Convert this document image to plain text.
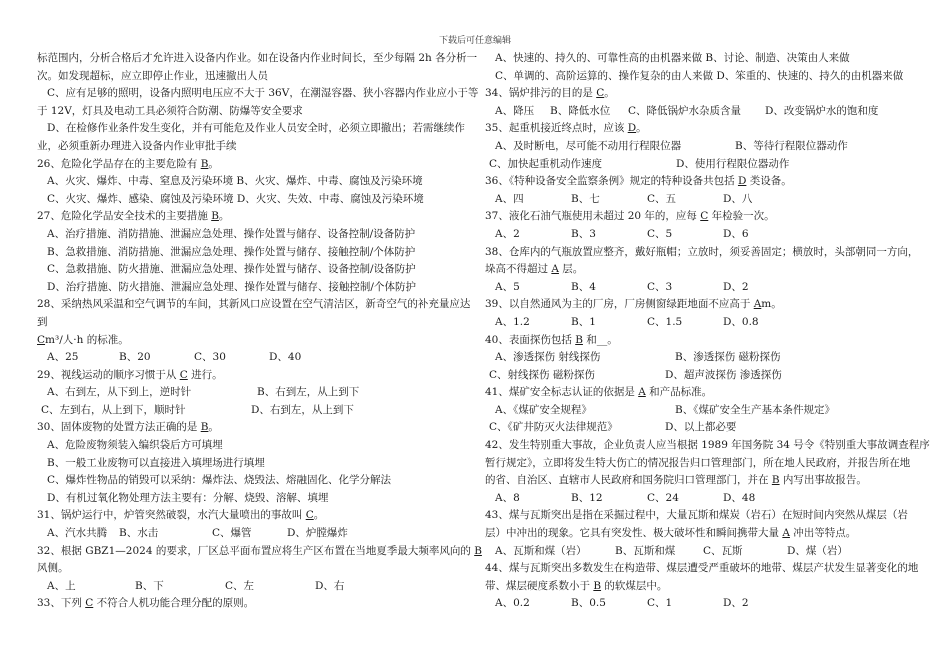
下载后可任意编辑
标范围内，分析合格后才允许进入设备内作业。如在设备内作业时间长，至少每隔 2h 各分析一
次。如发现超标，应立即停止作业，迅速撤出人员
C、应有足够的照明，设备内照明电压应不大于 36V，在潮湿容器、狭小容器内作业应小于等
于 12V，灯具及电动工具必须符合防潮、防爆等安全要求
D、在检修作业条件发生变化，并有可能危及作业人员安全时，必须立即撤出；若需继续作
业，必须重新办理进入设备内作业审批手续
26、危险化学品存在的主要危险有 B。
A、火灾、爆炸、中毒、窒息及污染环境 B、火灾、爆炸、中毒、腐蚀及污染环境
C、火灾、爆炸、感染、腐蚀及污染环境 D、火灾、失效、中毒、腐蚀及污染环境
27、危险化学品安全技术的主要措施 B。
A、治疗措施、消防措施、泄漏应急处理、操作处置与储存、设备控制/设备防护
B、急救措施、消防措施、泄漏应急处理、操作处置与储存、接触控制/个体防护
C、急救措施、防火措施、泄漏应急处理、操作处置与储存、设备控制/设备防护
D、治疗措施、防火措施、泄漏应急处理、操作处置与储存、接触控制/个体防护
28、采纳热风采温和空气调节的车间，其新风口应设置在空气清洁区，新奇空气的补充量应达
到
Cm³/人·h 的标准。
A、25	B、20	C、30	D、40
29、视线运动的顺序习惯于从 C 进行。
A、右到左，从下到上，逆时针	B、右到左，从上到下
C、左到右，从上到下，顺时针	D、右到左，从上到下
30、固体废物的处置方法正确的是 B。
A、危险废物须装入编织袋后方可填埋
B、一般工业废物可以直接进入填埋场进行填埋
C、爆炸性物品的销毁可以采纳：爆炸法、烧毁法、熔融固化、化学分解法
D、有机过氧化物处理方法主要有：分解、烧毁、溶解、填埋
31、锅炉运行中，炉管突然破裂，水汽大量喷出的事故叫 C。
A、汽水共腾	B、水击	C、爆管	D、炉膛爆炸
32、根据 GBZ1—2024 的要求，厂区总平面布置应将生产区布置在当地夏季最大频率风向的 B
风侧。
A、上	B、下	C、左	D、右
33、下列 C 不符合人机功能合理分配的原则。
A、快速的、持久的、可靠性高的由机器来做 B、讨论、制造、决策由人来做
C、单调的、高阶运算的、操作复杂的由人来做 D、笨重的、快速的、持久的由机器来做
34、锅炉排污的目的是 C。
A、降压	B、降低水位	C、降低锅炉水杂质含量	D、改变锅炉水的饱和度
35、起重机接近终点时，应该 D。
A、及时断电，尽可能不动用行程限位器	B、等待行程限位器动作
C、加快起重机动作速度	D、使用行程限位器动作
36、《特种设备安全监察条例》规定的特种设备共包括 D 类设备。
A、四	B、七	C、五	D、八
37、液化石油气瓶使用未超过 20 年的，应每 C 年检验一次。
A、2	B、3	C、5	D、6
38、仓库内的气瓶放置应整齐，戴好瓶帽；立放时，须妥善固定；横放时，头部朝同一方向，
垛高不得超过 A 层。
A、5	B、4	C、3	D、2
39、以自然通风为主的厂房，厂房侧窗绿距地面不应高于 Am。
A、1.2	B、1	C、1.5	D、0.8
40、表面探伤包括 B 和__。
A、渗透探伤 射线探伤	B、渗透探伤 磁粉探伤
C、射线探伤 磁粉探伤	D、超声波探伤 渗透探伤
41、煤矿安全标志认证的依据是 A 和产品标准。
A、《煤矿安全规程》	B、《煤矿安全生产基本条件规定》
C、《矿井防灭火法律规范》	D、以上都必要
42、发生特别重大事故，企业负责人应当根据 1989 年国务院 34 号令《特别重大事故调查程序
暂行规定》，立即将发生特大伤亡的情况报告归口管理部门，所在地人民政府，并报告所在地
的省、自治区、直辖市人民政府和国务院归口管理部门，并在 B 内写出事故报告。
A、8	B、12	C、24	D、48
43、煤与瓦斯突出是指在采掘过程中，大量瓦斯和煤炭（岩石）在短时间内突然从煤层（岩
层）中冲出的现象。它具有突发性、极大破坏性和瞬间携带大量 A 冲出等特点。
A、瓦斯和煤（岩）	B、瓦斯和煤	C、瓦斯	D、煤（岩）
44、煤与瓦斯突出多数发生在构造带、煤层遭受严重破坏的地带、煤层产状发生显著变化的地
带、煤层硬度系数小于 B 的软煤层中。
A、0.2	B、0.5	C、1	D、2
